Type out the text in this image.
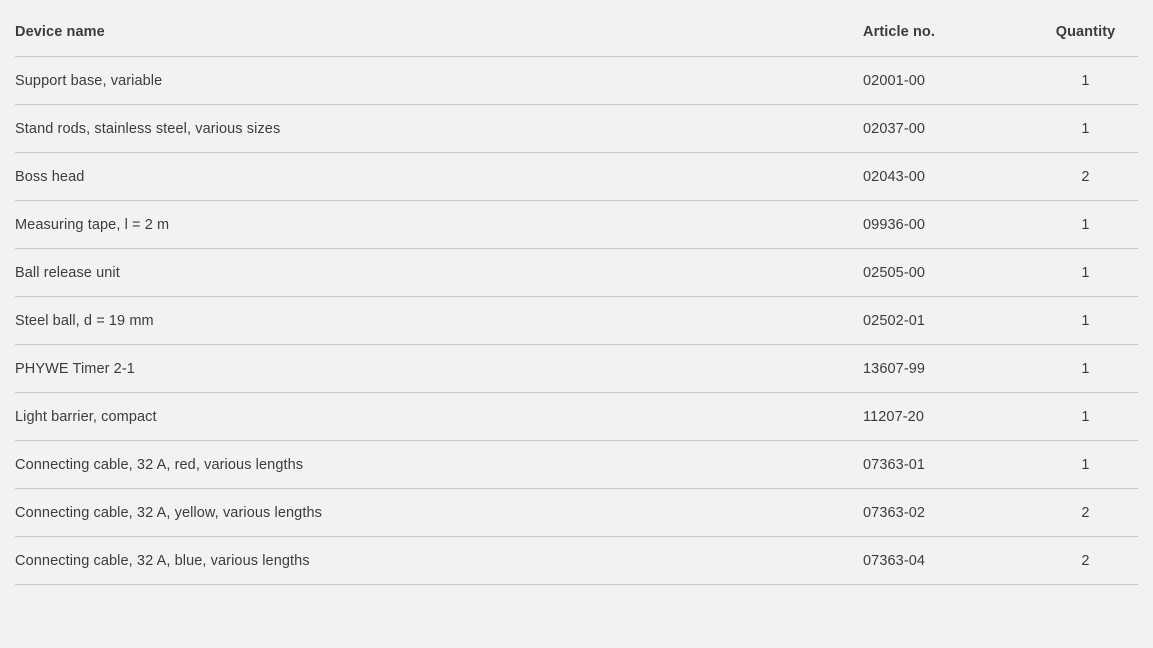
Device name	Article no.	Quantity
Support base, variable	02001-00	1
Stand rods, stainless steel, various sizes	02037-00	1
Boss head	02043-00	2
Measuring tape, l = 2 m	09936-00	1
Ball release unit	02505-00	1
Steel ball, d = 19 mm	02502-01	1
PHYWE Timer 2-1	13607-99	1
Light barrier, compact	11207-20	1
Connecting cable, 32 A, red, various lengths	07363-01	1
Connecting cable, 32 A, yellow, various lengths	07363-02	2
Connecting cable, 32 A, blue, various lengths	07363-04	2
